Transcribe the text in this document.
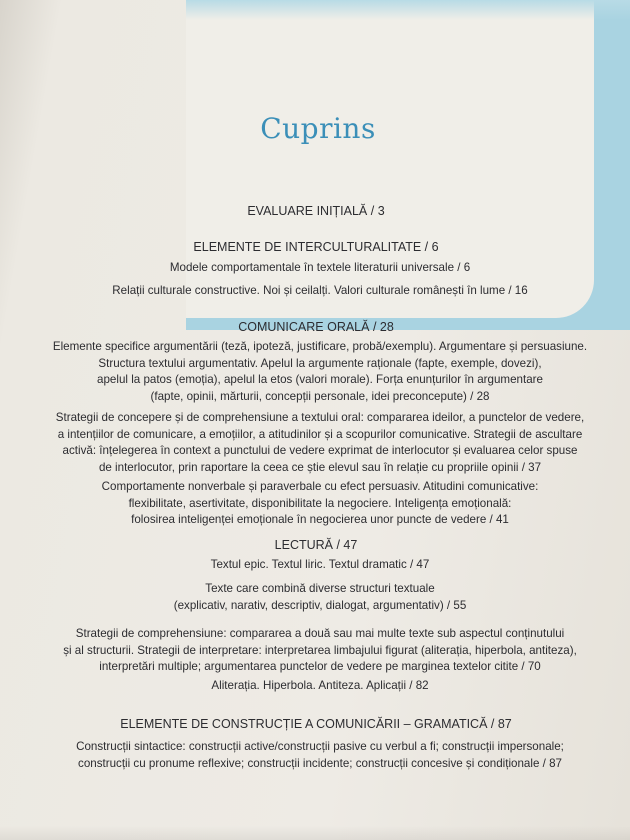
Cuprins
EVALUARE INIȚIALĂ / 3
ELEMENTE DE INTERCULTURALITATE / 6
Modele comportamentale în textele literaturii universale / 6
Relații culturale constructive. Noi și ceilalți. Valori culturale românești în lume / 16
COMUNICARE ORALĂ / 28
Elemente specifice argumentării (teză, ipoteză, justificare, probă/exemplu). Argumentare și persuasiune.
Structura textului argumentativ. Apelul la argumente raționale (fapte, exemple, dovezi),
apelul la patos (emoția), apelul la etos (valori morale). Forța enunțurilor în argumentare
(fapte, opinii, mărturii, concepții personale, idei preconcepute) / 28
Strategii de concepere și de comprehensiune a textului oral: compararea ideilor, a punctelor de vedere,
a intențiilor de comunicare, a emoțiilor, a atitudinilor și a scopurilor comunicative. Strategii de ascultare
activă: înțelegerea în context a punctului de vedere exprimat de interlocutor și evaluarea celor spuse
de interlocutor, prin raportare la ceea ce știe elevul sau în relație cu propriile opinii / 37
Comportamente nonverbale și paraverbale cu efect persuasiv. Atitudini comunicative:
flexibilitate, asertivitate, disponibilitate la negociere. Inteligența emoțională:
folosirea inteligenței emoționale în negocierea unor puncte de vedere / 41
LECTURĂ / 47
Textul epic. Textul liric. Textul dramatic / 47
Texte care combină diverse structuri textuale
(explicativ, narativ, descriptiv, dialogat, argumentativ) / 55
Strategii de comprehensiune: compararea a două sau mai multe texte sub aspectul conținutului
și al structurii. Strategii de interpretare: interpretarea limbajului figurat (aliterația, hiperbola, antiteza),
interpretări multiple; argumentarea punctelor de vedere pe marginea textelor citite / 70
Aliterația. Hiperbola. Antiteza. Aplicații / 82
ELEMENTE DE CONSTRUCȚIE A COMUNICĂRII – GRAMATICĂ / 87
Construcții sintactice: construcții active/construcții pasive cu verbul a fi; construcții impersonale;
construcții cu pronume reflexive; construcții incidente; construcții concesive și condiționale / 87
